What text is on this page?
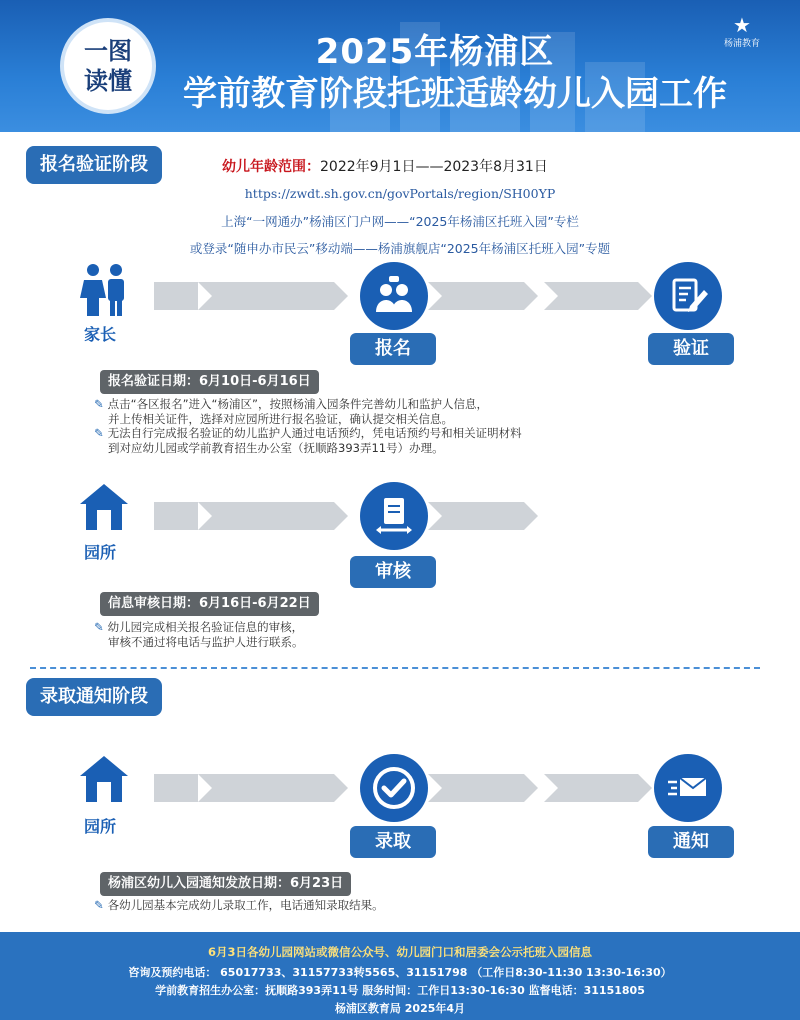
一图
读懂
2025年杨浦区
学前教育阶段托班适龄幼儿入园工作
★
杨浦教育
报名验证阶段	幼儿年龄范围：2022年9月1日——2023年8月31日
https://zwdt.sh.gov.cn/govPortals/region/SH00YP
上海“一网通办”杨浦区门户网——“2025年杨浦区托班入园”专栏
或登录“随申办市民云”移动端——杨浦旗舰店“2025年杨浦区托班入园”专题
家长
报名	验证
报名验证日期：6月10日-6月16日
✎ 点击“各区报名”进入“杨浦区”，按照杨浦入园条件完善幼儿和监护人信息，
并上传相关证件，选择对应园所进行报名验证，确认提交相关信息。
✎ 无法自行完成报名验证的幼儿监护人通过电话预约，凭电话预约号和相关证明材料
到对应幼儿园或学前教育招生办公室（抚顺路393弄11号）办理。
园所
审核
信息审核日期：6月16日-6月22日
✎ 幼儿园完成相关报名验证信息的审核，
审核不通过将电话与监护人进行联系。
录取通知阶段
园所
录取	通知
杨浦区幼儿入园通知发放日期：6月23日
✎ 各幼儿园基本完成幼儿录取工作，电话通知录取结果。
6月3日各幼儿园网站或微信公众号、幼儿园门口和居委会公示托班入园信息
咨询及预约电话： 65017733、31157733转5565、31151798 （工作日8:30-11:30 13:30-16:30）
学前教育招生办公室：抚顺路393弄11号 服务时间：工作日13:30-16:30 监督电话：31151805
杨浦区教育局 2025年4月
